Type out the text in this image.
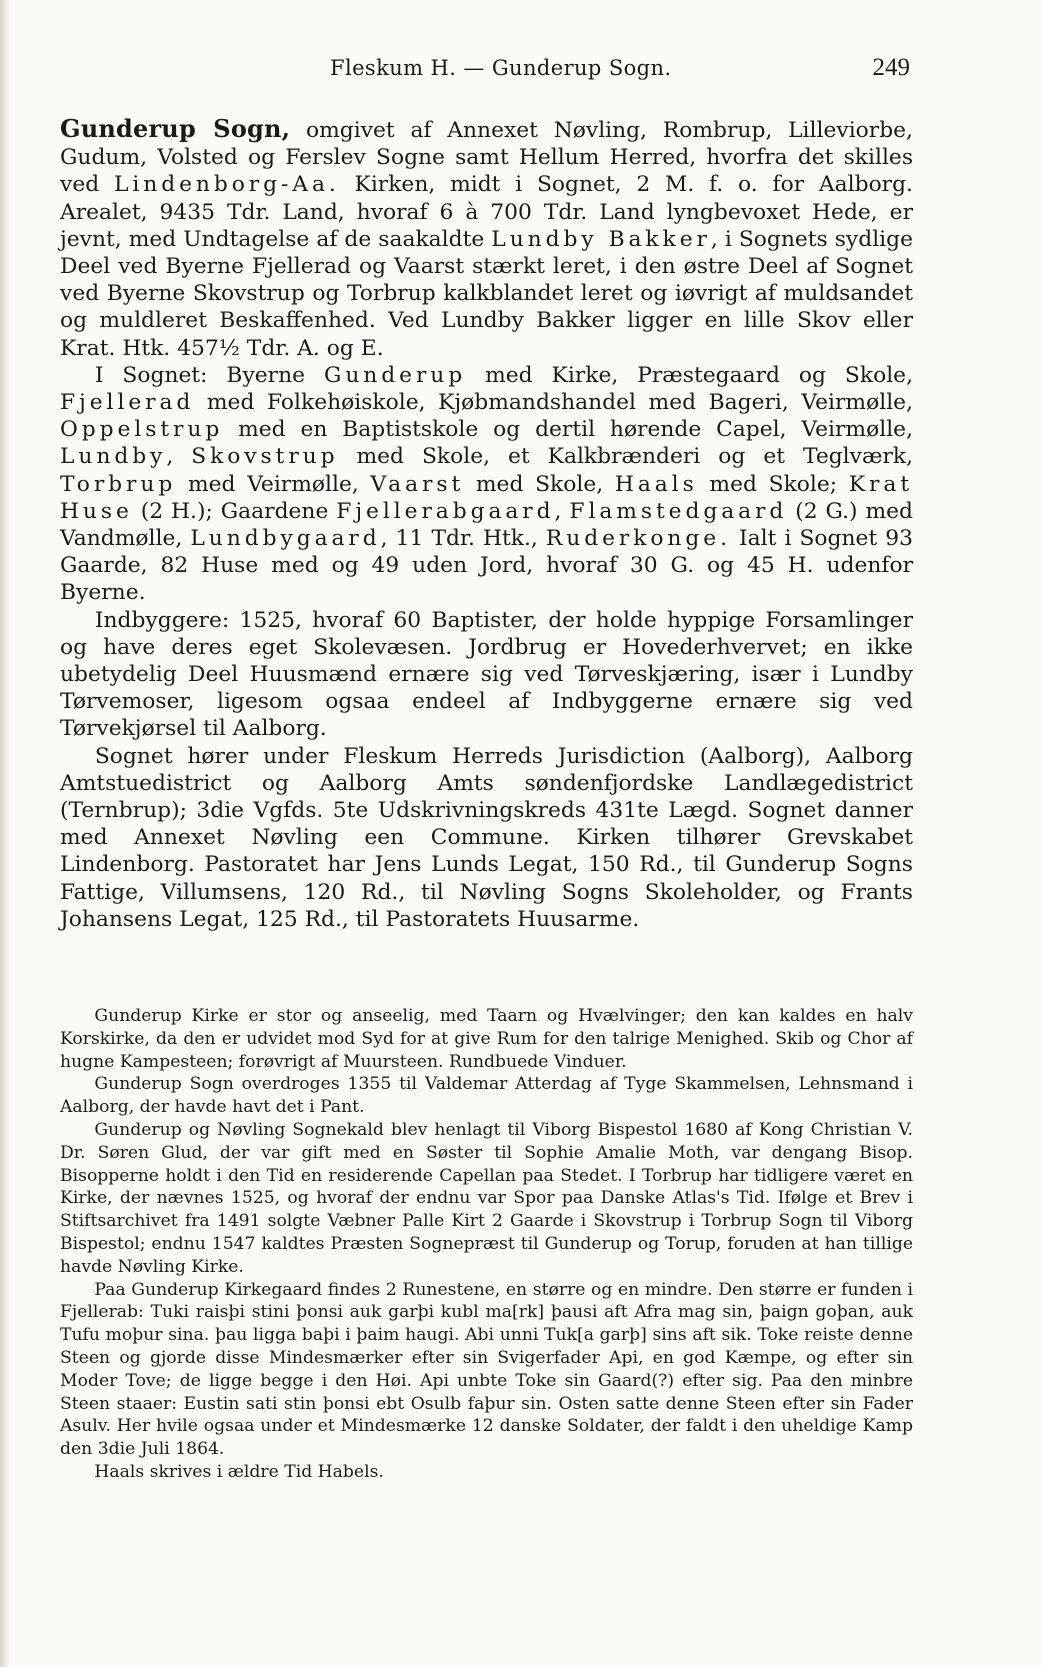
Fleskum H. — Gunderup Sogn.	249

Gunderup Sogn, omgivet af Annexet Nøvling, Rombrup, Lilleviorbe, Gudum, Volsted og Ferslev Sogne samt Hellum Herred, hvorfra det skilles ved Lindenborg-Aa. Kirken, midt i Sognet, 2 M. f. o. for Aalborg. Arealet, 9435 Tdr. Land, hvoraf 6 à 700 Tdr. Land lyngbevoxet Hede, er jevnt, med Undtagelse af de saakaldte Lundby Bakker, i Sognets sydlige Deel ved Byerne Fjellerad og Vaarst stærkt leret, i den østre Deel af Sognet ved Byerne Skovstrup og Torbrup kalkblandet leret og iøvrigt af muldsandet og muldleret Beskaffenhed. Ved Lundby Bakker ligger en lille Skov eller Krat. Htk. 457½ Tdr. A. og E.

I Sognet: Byerne Gunderup med Kirke, Præstegaard og Skole, Fjellerad med Folkehøiskole, Kjøbmandshandel med Bageri, Veirmølle, Oppelstrup med en Baptistskole og dertil hørende Capel, Veirmølle, Lundby, Skovstrup med Skole, et Kalkbrænderi og et Teglværk, Torbrup med Veirmølle, Vaarst med Skole, Haals med Skole; Krat Huse (2 H.); Gaardene Fjellerabgaard, Flamstedgaard (2 G.) med Vandmølle, Lundbygaard, 11 Tdr. Htk., Ruderkonge. Ialt i Sognet 93 Gaarde, 82 Huse med og 49 uden Jord, hvoraf 30 G. og 45 H. udenfor Byerne.

Indbyggere: 1525, hvoraf 60 Baptister, der holde hyppige Forsamlinger og have deres eget Skolevæsen. Jordbrug er Hovederhvervet; en ikke ubetydelig Deel Huusmænd ernære sig ved Tørveskjæring, især i Lundby Tørvemoser, ligesom ogsaa endeel af Indbyggerne ernære sig ved Tørvekjørsel til Aalborg.

Sognet hører under Fleskum Herreds Jurisdiction (Aalborg), Aalborg Amtstuedistrict og Aalborg Amts søndenfjordske Landlægedistrict (Ternbrup); 3die Vgfds. 5te Udskrivningskreds 431te Lægd. Sognet danner med Annexet Nøvling een Commune. Kirken tilhører Grevskabet Lindenborg. Pastoratet har Jens Lunds Legat, 150 Rd., til Gunderup Sogns Fattige, Villumsens, 120 Rd., til Nøvling Sogns Skoleholder, og Frants Johansens Legat, 125 Rd., til Pastoratets Huusarme.

Gunderup Kirke er stor og anseelig, med Taarn og Hvælvinger; den kan kaldes en halv Korskirke, da den er udvidet mod Syd for at give Rum for den talrige Menighed. Skib og Chor af hugne Kampesteen; forøvrigt af Muursteen. Rundbuede Vinduer.

Gunderup Sogn overdroges 1355 til Valdemar Atterdag af Tyge Skammelsen, Lehnsmand i Aalborg, der havde havt det i Pant.

Gunderup og Nøvling Sognekald blev henlagt til Viborg Bispestol 1680 af Kong Christian V. Dr. Søren Glud, der var gift med en Søster til Sophie Amalie Moth, var dengang Bisop. Bisopperne holdt i den Tid en residerende Capellan paa Stedet. I Torbrup har tidligere været en Kirke, der nævnes 1525, og hvoraf der endnu var Spor paa Danske Atlas's Tid. Ifølge et Brev i Stiftsarchivet fra 1491 solgte Væbner Palle Kirt 2 Gaarde i Skovstrup i Torbrup Sogn til Viborg Bispestol; endnu 1547 kaldtes Præsten Sognepræst til Gunderup og Torup, foruden at han tillige havde Nøvling Kirke.

Paa Gunderup Kirkegaard findes 2 Runestene, en større og en mindre. Den større er funden i Fjellerab: Tuki raisþi stini þonsi auk garþi kubl ma[rk] þausi aft Afra mag sin, þaign goþan, auk Tufu moþur sina. þau ligga baþi i þaim haugi. Abi unni Tuk[a garþ] sins aft sik. Toke reiste denne Steen og gjorde disse Mindesmærker efter sin Svigerfader Api, en god Kæmpe, og efter sin Moder Tove; de ligge begge i den Høi. Api unbte Toke sin Gaard(?) efter sig. Paa den minbre Steen staaer: Eustin sati stin þonsi ebt Osulb faþur sin. Osten satte denne Steen efter sin Fader Asulv. Her hvile ogsaa under et Mindesmærke 12 danske Soldater, der faldt i den uheldige Kamp den 3die Juli 1864.

Haals skrives i ældre Tid Habels.
